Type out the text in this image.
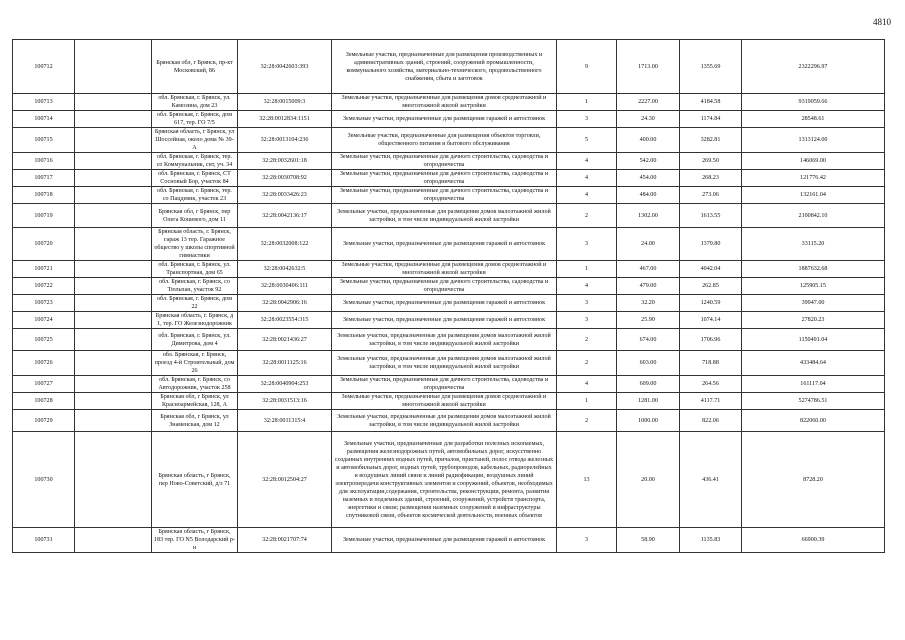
4810
100712		Брянская обл, г Брянск, пр-кт Московский, 86	32:28:0042603:393	Земельные участки, предназначенные для размещения производственных и административных зданий, строений, сооружений промышленности, коммунального хозяйства, материально-технического, продовольственного снабжения, сбыта и заготовок	9	1713.00	1355.69	2322296.97
100713		обл. Брянская, г. Брянск, ул. Камозина, дом 23	32:28:0015009:3	Земельные участки, предназначенные для размещения домов среднеэтажной и многоэтажной жилой застройки	1	2227.00	4184.58	9319059.66
100714		обл. Брянская, г. Брянск, дом 617, тер. ГО 7/5	32:28:0012834:1151	Земельные участки, предназначенные для размещения гаражей и автостоянок	3	24.30	1174.84	28548.61
100715		Брянская область, г Брянск, ул Шоссейная, около дома № 39-А	32:28:0013104:236	Земельные участки, предназначенные для размещения объектов торговли, общественного питания и бытового обслуживания	5	400.00	3282.81	1313124.00
100716		обл. Брянская, г. Брянск, тер. со Коммунальник, снт, уч. 34	32:28:0032601:18	Земельные участки, предназначенные для дачного строительства, садоводства и огородничества	4	542.00	269.50	146069.00
100717		обл. Брянская, г. Брянск, СТ Сосновый Бор, участок 84	32:28:0030708:92	Земельные участки, предназначенные для дачного строительства, садоводства и огородничества	4	454.00	268.23	121776.42
100718		обл. Брянская, г. Брянск, тер. со Пацдевик, участок 23	32:28:0033426:23	Земельные участки, предназначенные для дачного строительства, садоводства и огородничества	4	484.00	273.06	132161.04
100719		Брянская обл, г Брянск, пер Олега Кошевого, дом 11	32:28:0042136:17	Земельные участки, предназначенные для размещения домов малоэтажной жилой застройки, в том числе индивидуальной жилой застройки	2	1302.00	1613.55	2100842.10
100720		Брянская область, г. Брянск, гараж 13 тер. Гаражное общество у школы спортивной гимнастики	32:28:0032008:122	Земельные участки, предназначенные для размещения гаражей и автостоянок	3	24.00	1379.80	33115.20
100721		обл. Брянская, г. Брянск, ул. Транспортная, дом 65	32:28:0042632:5	Земельные участки, предназначенные для размещения домов среднеэтажной и многоэтажной жилой застройки	1	467.00	4042.04	1887632.68
100722		обл. Брянская, г. Брянск, со Тюльпан, участок 92	32:28:0030406:111	Земельные участки, предназначенные для дачного строительства, садоводства и огородничества	4	479.00	262.85	125905.15
100723		обл. Брянская, г. Брянск, дом 22	32:28:0042906:16	Земельные участки, предназначенные для размещения гаражей и автостоянок	3	32.20	1240.59	39947.00
100724		Брянская область, г. Брянск, д 1, тер. ГО Железнодорожник	32:28:0023554:315	Земельные участки, предназначенные для размещения гаражей и автостоянок	3	25.90	1074.14	27820.23
100725		обл. Брянская, г. Брянск, ул. Димитрова, дом 4	32:28:0021436:27	Земельные участки, предназначенные для размещения домов малоэтажной жилой застройки, в том числе индивидуальной жилой застройки	2	674.00	1706.96	1150491.04
100726		обл. Брянская, г. Брянск, проезд 4-й Строительный, дом 26	32:28:0011125:16	Земельные участки, предназначенные для размещения домов малоэтажной жилой застройки, в том числе индивидуальной жилой застройки	2	603.00	718.88	433484.64
100727		обл. Брянская, г. Брянск, со Автодорожник, участок 258	32:28:0040904:253	Земельные участки, предназначенные для дачного строительства, садоводства и огородничества	4	609.00	264.56	161117.04
100728		Брянская обл, г Брянск, ул Красноармейская, 128, А	32:28:0031513:16	Земельные участки, предназначенные для размещения домов среднеэтажной и многоэтажной жилой застройки	1	1281.00	4117.71	5274786.51
100729		Брянская обл, г Брянск, ул Знаменская, дом 12	32:28:0011315:4	Земельные участки, предназначенные для размещения домов малоэтажной жилой застройки, в том числе индивидуальной жилой застройки	2	1000.00	822.06	822060.00
100730		Брянская область, г Брянск, пер Ново-Советский, д/з 71	32:28:0012504:27	Земельные участки, предназначенные для разработки полезных ископаемых, размещения железнодорожных путей, автомобильных дорог, искусственно созданных внутренних водных путей, причалов, пристаней, полос отвода железных и автомобильных дорог, водных путей, трубопроводов, кабельных, радиорелейных и воздушных линий связи и линий радиофикации, воздушных линий электропередачи конструктивных элементов и сооружений, объектов, необходимых для эксплуатации,содержания, строительства, реконструкции, ремонта, развития наземных и подземных зданий, строений, сооружений, устройств транспорта, энергетики и связи; размещения наземных сооружений и инфраструктуры спутниковой связи, объектов космической деятельности, военных объектов	13	20.00	436.41	8728.20
100731		Брянская область, г Брянск, 183 тер. ГО N5 Володарский р-н	32:28:0021707:74	Земельные участки, предназначенные для размещения гаражей и автостоянок	3	58.90	1135.83	66900.39
